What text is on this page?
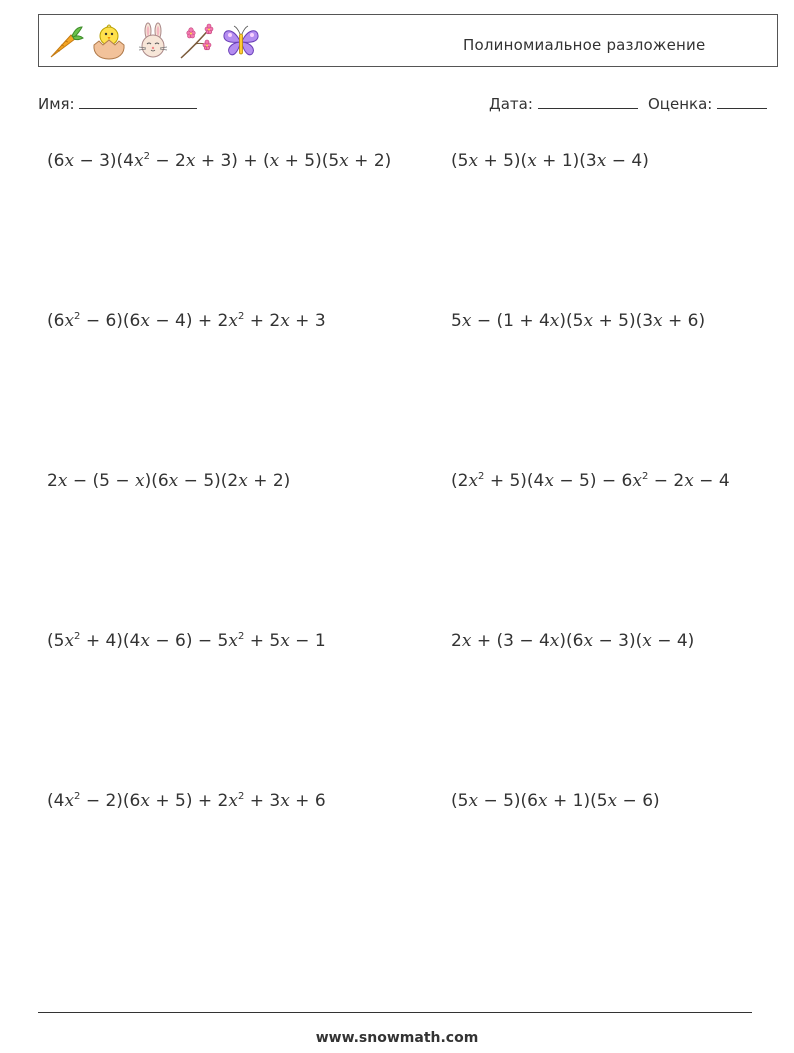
Полиномиальное разложение
Имя:	Дата:	Оценка:
$(6x - 3)(4x^2 - 2x + 3) + (x + 5)(5x + 2)$	(5x + 5)(x + 1)(3x − 4)
$(6x^2 - 6)(6x - 4) + 2x^2 + 2x + 3$	5x − (1 + 4x)(5x + 5)(3x + 6)
2x − (5 − x)(6x − 5)(2x + 2)	$(2x^2 + 5)(4x - 5) - 6x^2 - 2x - 4$
$(5x^2 + 4)(4x - 6) - 5x^2 + 5x - 1$	2x + (3 − 4x)(6x − 3)(x − 4)
$(4x^2 - 2)(6x + 5) + 2x^2 + 3x + 6$	(5x − 5)(6x + 1)(5x − 6)
www.snowmath.com
